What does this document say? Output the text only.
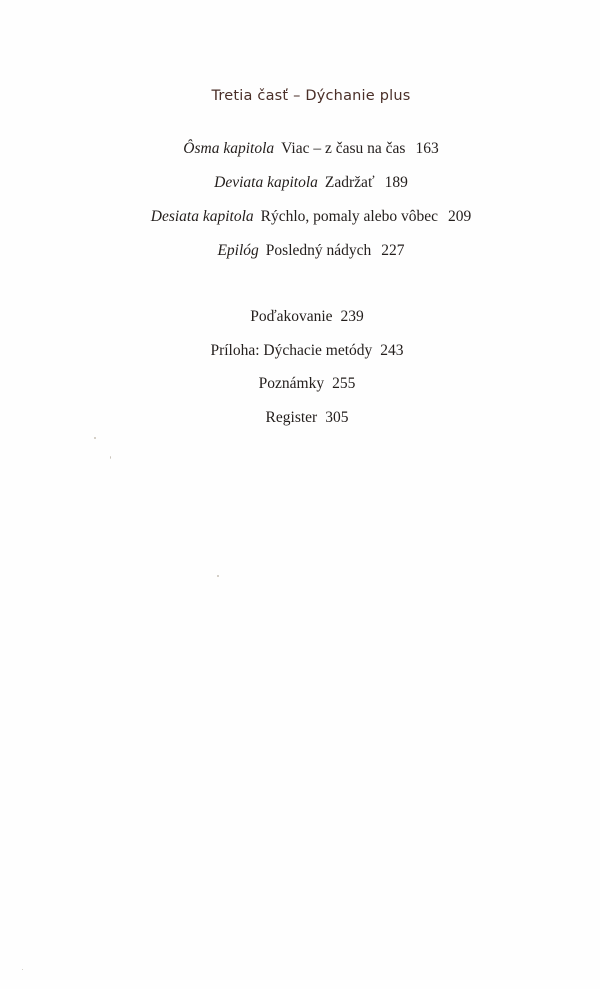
Tretia časť – Dýchanie plus
Ôsma kapitola Viac – z času na čas 163
Deviata kapitola Zadržať 189
Desiata kapitola Rýchlo, pomaly alebo vôbec 209
Epilóg Posledný nádych 227
Poďakovanie 239
Príloha: Dýchacie metódy 243
Poznámky 255
Register 305
